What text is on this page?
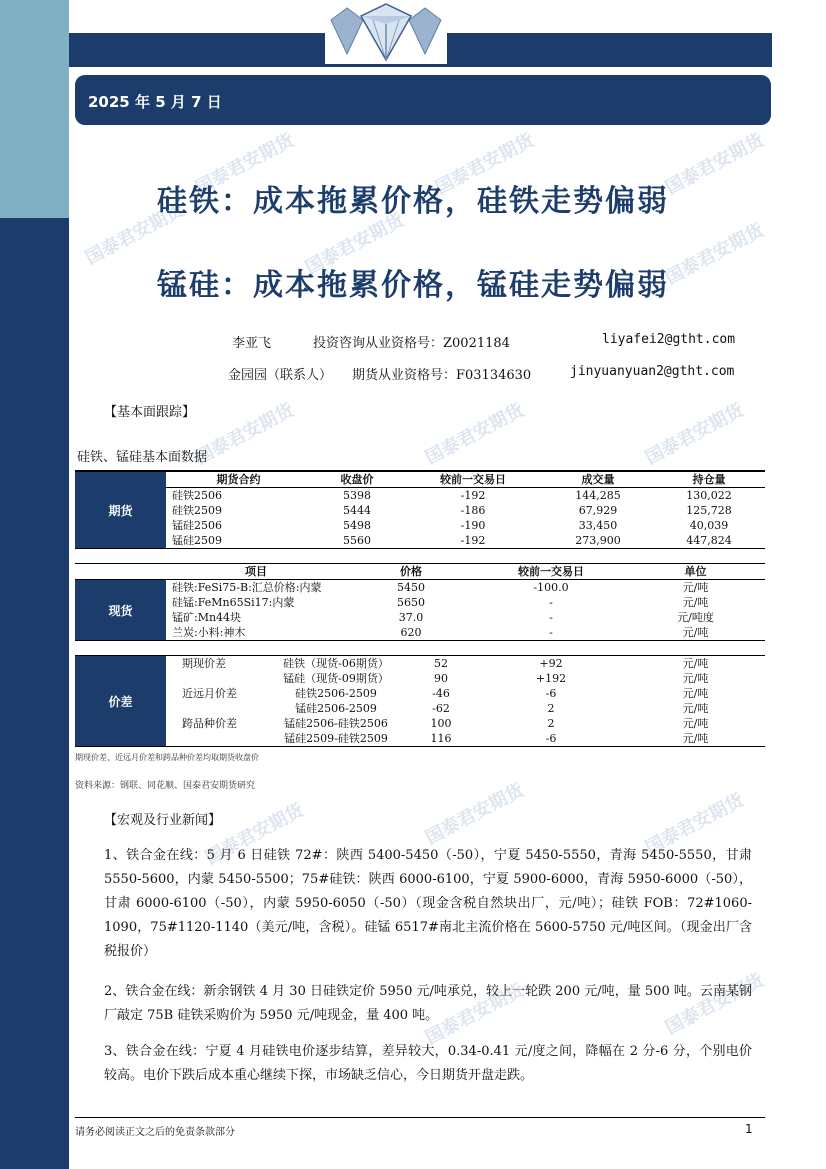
2025 年 5 月 7 日
国泰君安期货	国泰君安期货	国泰君安期货
国泰君安期货	国泰君安期货	国泰君安期货
国泰君安期货	国泰君安期货	国泰君安期货
国泰君安期货	国泰君安期货	国泰君安期货
国泰君安期货	国泰君安期货
硅铁：成本拖累价格，硅铁走势偏弱
锰硅：成本拖累价格，锰硅走势偏弱
李亚飞	投资咨询从业资格号：Z0021184	liyafei2@gtht.com
金园园（联系人） 期货从业资格号：F03134630	jinyuanyuan2@gtht.com
【基本面跟踪】
硅铁、锰硅基本面数据
期货
期货合约	收盘价	较前一交易日	成交量	持仓量
硅铁2506	5398	-192	144,285	130,022
硅铁2509	5444	-186	67,929	125,728
锰硅2506	5498	-190	33,450	40,039
锰硅2509	5560	-192	273,900	447,824
项目	价格	较前一交易日	单位
现货
硅铁:FeSi75-B:汇总价格:内蒙	5450	-100.0	元/吨
硅锰:FeMn65Si17:内蒙	5650	-	元/吨
锰矿:Mn44块	37.0	-	元/吨度
兰炭:小料:神木	620	-	元/吨
价差
期现价差	硅铁（现货-06期货）	52	+92	元/吨
锰硅（现货-09期货）	90	+192	元/吨
近远月价差	硅铁2506-2509	-46	-6	元/吨
锰硅2506-2509	-62	2	元/吨
跨品种价差	锰硅2506-硅铁2506	100	2	元/吨
锰硅2509-硅铁2509	116	-6	元/吨
期现价差、近远月价差和跨品种价差均取期货收盘价
资料来源：钢联、同花顺、国泰君安期货研究
【宏观及行业新闻】
1、铁合金在线：5 月 6 日硅铁 72#：陕西 5400-5450（-50），宁夏 5450-5550，青海 5450-5550，甘肃 5550-5600，内蒙 5450-5500；75#硅铁：陕西 6000-6100，宁夏 5900-6000，青海 5950-6000（-50），甘肃 6000-6100（-50），内蒙 5950-6050（-50）（现金含税自然块出厂，元/吨）；硅铁 FOB：72#1060-1090，75#1120-1140（美元/吨，含税）。硅锰 6517#南北主流价格在 5600-5750 元/吨区间。（现金出厂含税报价）
2、铁合金在线：新余钢铁 4 月 30 日硅铁定价 5950 元/吨承兑，较上一轮跌 200 元/吨，量 500 吨。云南某钢厂敲定 75B 硅铁采购价为 5950 元/吨现金，量 400 吨。
3、铁合金在线：宁夏 4 月硅铁电价逐步结算，差异较大，0.34-0.41 元/度之间，降幅在 2 分-6 分，个别电价较高。电价下跌后成本重心继续下探，市场缺乏信心，今日期货开盘走跌。
请务必阅读正文之后的免责条款部分	1
